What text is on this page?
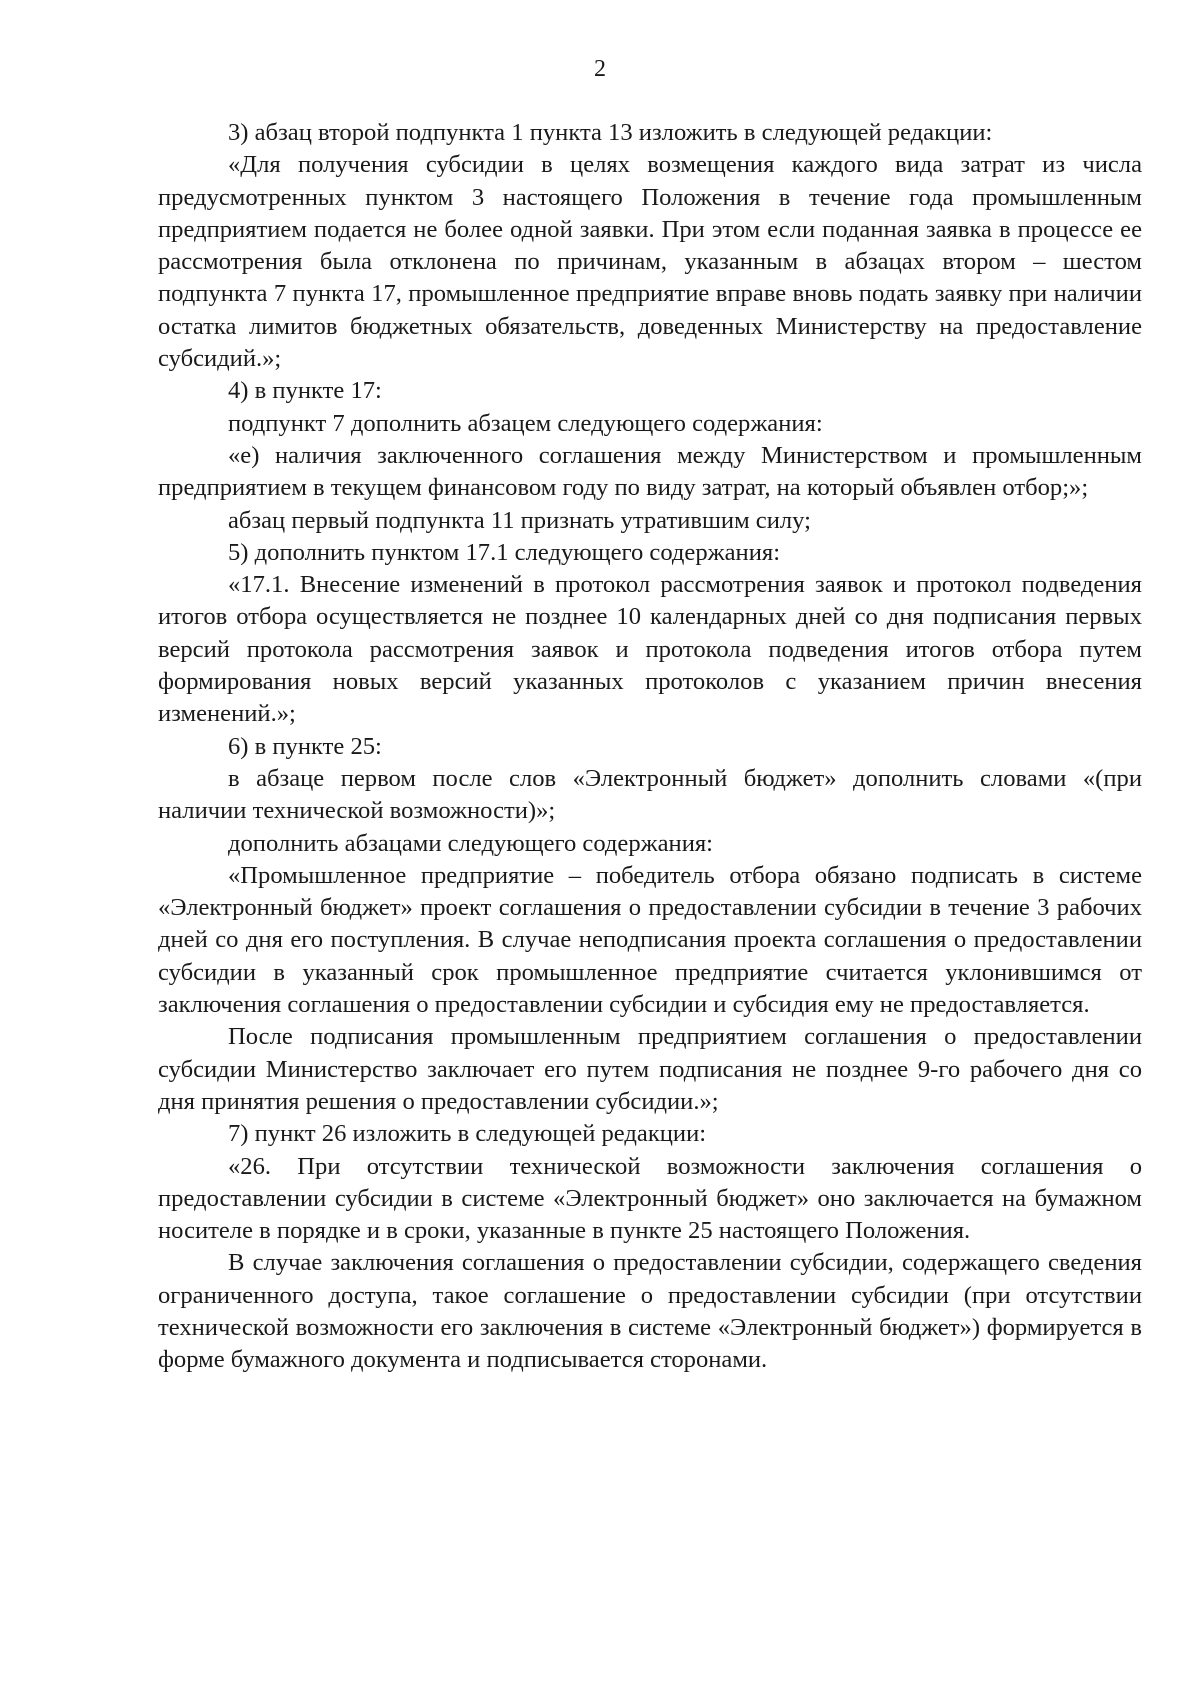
2

3) абзац второй подпункта 1 пункта 13 изложить в следующей редакции:

«Для получения субсидии в целях возмещения каждого вида затрат из числа предусмотренных пунктом 3 настоящего Положения в течение года промышленным предприятием подается не более одной заявки. При этом если поданная заявка в процессе ее рассмотрения была отклонена по причинам, указанным в абзацах втором – шестом подпункта 7 пункта 17, промышленное предприятие вправе вновь подать заявку при наличии остатка лимитов бюджетных обязательств, доведенных Министерству на предоставление субсидий.»;

4) в пункте 17:

подпункт 7 дополнить абзацем следующего содержания:

«е) наличия заключенного соглашения между Министерством и промышленным предприятием в текущем финансовом году по виду затрат, на который объявлен отбор;»;

абзац первый подпункта 11 признать утратившим силу;

5) дополнить пунктом 17.1 следующего содержания:

«17.1. Внесение изменений в протокол рассмотрения заявок и протокол подведения итогов отбора осуществляется не позднее 10 календарных дней со дня подписания первых версий протокола рассмотрения заявок и протокола подведения итогов отбора путем формирования новых версий указанных протоколов с указанием причин внесения изменений.»;

6) в пункте 25:

в абзаце первом после слов «Электронный бюджет» дополнить словами «(при наличии технической возможности)»;

дополнить абзацами следующего содержания:

«Промышленное предприятие – победитель отбора обязано подписать в системе «Электронный бюджет» проект соглашения о предоставлении субсидии в течение 3 рабочих дней со дня его поступления. В случае неподписания проекта соглашения о предоставлении субсидии в указанный срок промышленное предприятие считается уклонившимся от заключения соглашения о предоставлении субсидии и субсидия ему не предоставляется.

После подписания промышленным предприятием соглашения о предоставлении субсидии Министерство заключает его путем подписания не позднее 9-го рабочего дня со дня принятия решения о предоставлении субсидии.»;

7) пункт 26 изложить в следующей редакции:

«26. При отсутствии технической возможности заключения соглашения о предоставлении субсидии в системе «Электронный бюджет» оно заключается на бумажном носителе в порядке и в сроки, указанные в пункте 25 настоящего Положения.

В случае заключения соглашения о предоставлении субсидии, содержащего сведения ограниченного доступа, такое соглашение о предоставлении субсидии (при отсутствии технической возможности его заключения в системе «Электронный бюджет») формируется в форме бумажного документа и подписывается сторонами.
